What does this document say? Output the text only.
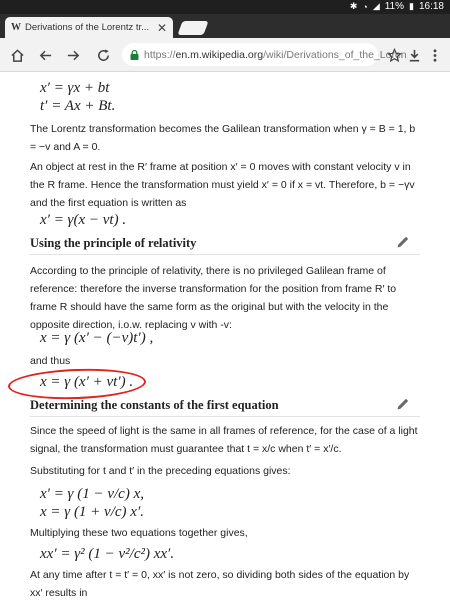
✱ ◔ ◢ 11% ▮ 16:18
W Derivations of the Lorentz tr... ✕
https://en.m.wikipedia.org/wiki/Derivations_of_the_Loren
x′ = γx + bt
t′ = Ax + Bt.
The Lorentz transformation becomes the Galilean transformation when γ = B = 1, b = −v and A = 0.
An object at rest in the R′ frame at position x′ = 0 moves with constant velocity v in the R frame. Hence the transformation must yield x′ = 0 if x = vt. Therefore, b = −γv and the first equation is written as
x′ = γ(x − vt) .
Using the principle of relativity
According to the principle of relativity, there is no privileged Galilean frame of reference: therefore the inverse transformation for the position from frame R′ to frame R should have the same form as the original but with the velocity in the opposite direction, i.o.w. replacing v with -v:
x = γ (x′ − (−v)t′) ,
and thus
x = γ (x′ + vt′) .
Determining the constants of the first equation
Since the speed of light is the same in all frames of reference, for the case of a light signal, the transformation must guarantee that t = x/c when t′ = x′/c.
Substituting for t and t′ in the preceding equations gives:
x′ = γ (1 − v/c) x,
x = γ (1 + v/c) x′.
Multiplying these two equations together gives,
xx′ = γ² (1 − v²/c²) xx′.
At any time after t = t′ = 0, xx′ is not zero, so dividing both sides of the equation by xx′ results in
